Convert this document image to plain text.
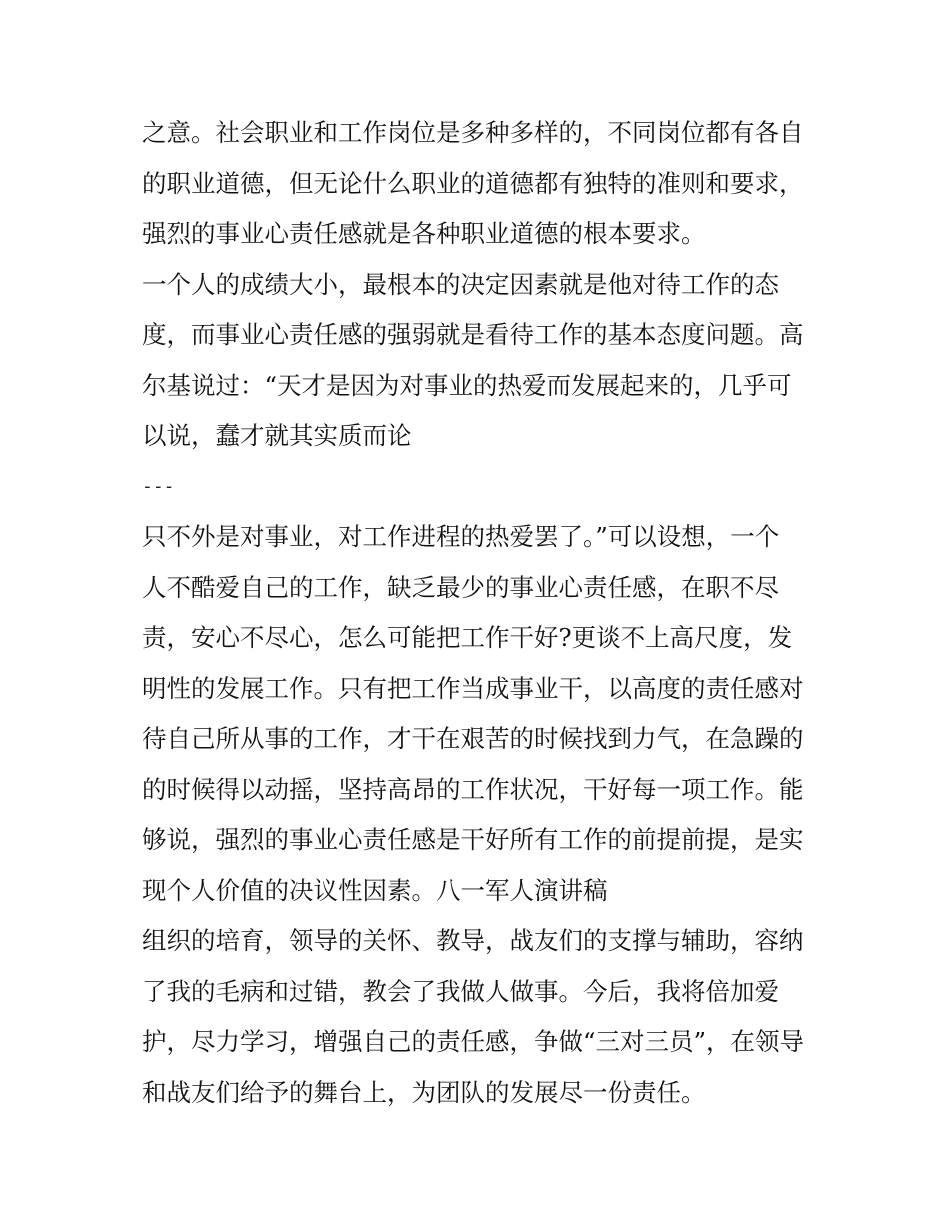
之意。社会职业和工作岗位是多种多样的，不同岗位都有各自
的职业道德，但无论什么职业的道德都有独特的准则和要求，
强烈的事业心责任感就是各种职业道德的根本要求。
一个人的成绩大小，最根本的决定因素就是他对待工作的态
度，而事业心责任感的强弱就是看待工作的基本态度问题。高
尔基说过：“天才是因为对事业的热爱而发展起来的，几乎可
以说，蠢才就其实质而论
---
只不外是对事业，对工作进程的热爱罢了。”可以设想，一个
人不酷爱自己的工作，缺乏最少的事业心责任感，在职不尽
责，安心不尽心，怎么可能把工作干好?更谈不上高尺度，发
明性的发展工作。只有把工作当成事业干，以高度的责任感对
待自己所从事的工作，才干在艰苦的时候找到力气，在急躁的
的时候得以动摇，坚持高昂的工作状况，干好每一项工作。能
够说，强烈的事业心责任感是干好所有工作的前提前提，是实
现个人价值的决议性因素。八一军人演讲稿
组织的培育，领导的关怀、教导，战友们的支撑与辅助，容纳
了我的毛病和过错，教会了我做人做事。今后，我将倍加爱
护，尽力学习，增强自己的责任感，争做“三对三员”，在领导
和战友们给予的舞台上，为团队的发展尽一份责任。
